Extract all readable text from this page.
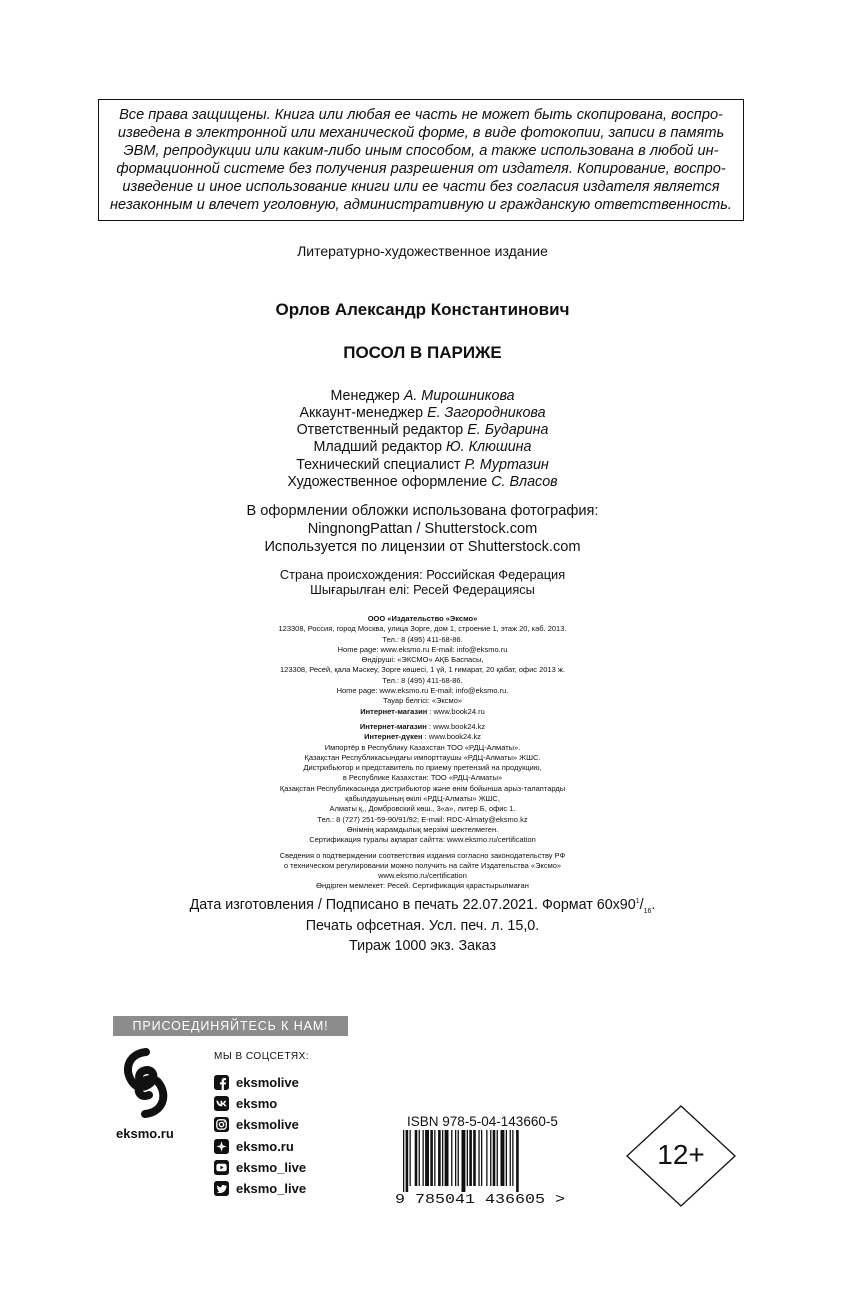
Все права защищены. Книга или любая ее часть не может быть скопирована, воспро-
изведена в электронной или механической форме, в виде фотокопии, записи в память
ЭВМ, репродукции или каким-либо иным способом, а также использована в любой ин-
формационной системе без получения разрешения от издателя. Копирование, воспро-
изведение и иное использование книги или ее части без согласия издателя является
незаконным и влечет уголовную, административную и гражданскую ответственность.
Литературно-художественное издание
Орлов Александр Константинович
ПОСОЛ В ПАРИЖЕ
Менеджер А. Мирошникова
Аккаунт-менеджер Е. Загородникова
Ответственный редактор Е. Бударина
Младший редактор Ю. Клюшина
Технический специалист Р. Муртазин
Художественное оформление С. Власов
В оформлении обложки использована фотография:
NingnongPattan / Shutterstock.com
Используется по лицензии от Shutterstock.com
Страна происхождения: Российская Федерация
Шығарылған елі: Ресей Федерациясы
ООО «Издательство «Эксмо»
123308, Россия, город Москва, улица Зорге, дом 1, строение 1, этаж 20, каб. 2013.
Тел.: 8 (495) 411-68-86.
Home page: www.eksmo.ru E-mail: info@eksmo.ru
Өндіруші: «ЭКСМО» АҚБ Баспасы,
123308, Ресей, қала Мәскеу, Зорге көшесі, 1 үй, 1 ғимарат, 20 қабат, офис 2013 ж.
Тел.: 8 (495) 411-68-86.
Home page: www.eksmo.ru E-mail: info@eksmo.ru.
Тауар белгісі: «Эксмо»
Интернет-магазин : www.book24.ru
Интернет-магазин : www.book24.kz
Интернет-дүкен : www.book24.kz
Импортёр в Республику Казахстан ТОО «РДЦ-Алматы».
Қазақстан Республикасындағы импорттаушы «РДЦ-Алматы» ЖШС.
Дистрибьютор и представитель по приему претензий на продукцию,
в Республике Казахстан: ТОО «РДЦ-Алматы»
Қазақстан Республикасында дистрибьютор және өнім бойынша арыз-талаптарды
қабылдаушының өкілі «РДЦ-Алматы» ЖШС,
Алматы қ., Домбровский көш., 3«а», литер Б, офис 1.
Тел.: 8 (727) 251-59-90/91/92; E-mail: RDC-Almaty@eksmo.kz
Өнімнің жарамдылық мерзімі шектелмеген.
Сертификация туралы ақпарат сайтта: www.eksmo.ru/certification
Сведения о подтверждении соответствия издания согласно законодательству РФ
о техническом регулировании можно получить на сайте Издательства «Эксмо»
www.eksmo.ru/certification
Өндірген мемлекет: Ресей. Сертификация қарастырылмаған
Дата изготовления / Подписано в печать 22.07.2021. Формат $60x90^1/_{16}$.
Печать офсетная. Усл. печ. л. 15,0.
Тираж 1000 экз. Заказ
ПРИСОЕДИНЯЙТЕСЬ К НАМ!
eksmo.ru
МЫ В СОЦСЕТЯХ:
eksmolive
eksmo
eksmolive
eksmo.ru
eksmo_live
eksmo_live
ISBN 978-5-04-143660-5
9 785041 436605 >
12+
